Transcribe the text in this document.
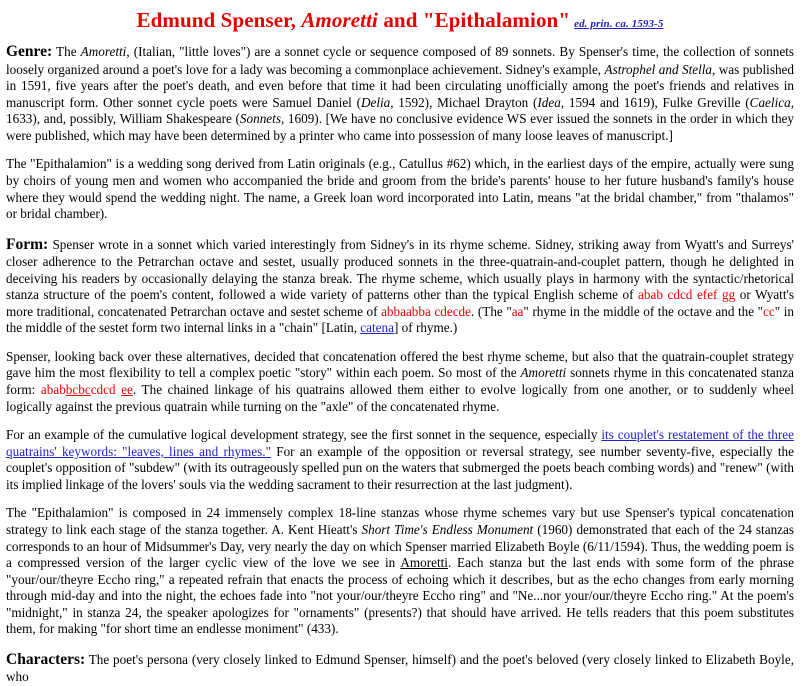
Edmund Spenser, Amoretti and "Epithalamion" ed. prin. ca. 1593-5

Genre: The Amoretti, (Italian, "little loves") are a sonnet cycle or sequence composed of 89 sonnets. By Spenser's time, the collection of sonnets loosely organized around a poet's love for a lady was becoming a commonplace achievement. Sidney's example, Astrophel and Stella, was published in 1591, five years after the poet's death, and even before that time it had been circulating unofficially among the poet's friends and relatives in manuscript form. Other sonnet cycle poets were Samuel Daniel (Delia, 1592), Michael Drayton (Idea, 1594 and 1619), Fulke Greville (Caelica, 1633), and, possibly, William Shakespeare (Sonnets, 1609). [We have no conclusive evidence WS ever issued the sonnets in the order in which they were published, which may have been determined by a printer who came into possession of many loose leaves of manuscript.]

The "Epithalamion" is a wedding song derived from Latin originals (e.g., Catullus #62) which, in the earliest days of the empire, actually were sung by choirs of young men and women who accompanied the bride and groom from the bride's parents' house to her future husband's family's house where they would spend the wedding night. The name, a Greek loan word incorporated into Latin, means "at the bridal chamber," from "thalamos" or bridal chamber).

Form: Spenser wrote in a sonnet which varied interestingly from Sidney's in its rhyme scheme. Sidney, striking away from Wyatt's and Surreys' closer adherence to the Petrarchan octave and sestet, usually produced sonnets in the three-quatrain-and-couplet pattern, though he delighted in deceiving his readers by occasionally delaying the stanza break. The rhyme scheme, which usually plays in harmony with the syntactic/rhetorical stanza structure of the poem's content, followed a wide variety of patterns other than the typical English scheme of abab cdcd efef gg or Wyatt's more traditional, concatenated Petrarchan octave and sestet scheme of abbaabba cdecde. (The "aa" rhyme in the middle of the octave and the "cc" in the middle of the sestet form two internal links in a "chain" [Latin, catena] of rhyme.)

Spenser, looking back over these alternatives, decided that concatenation offered the best rhyme scheme, but also that the quatrain-couplet strategy gave him the most flexibility to tell a complex poetic "story" within each poem. So most of the Amoretti sonnets rhyme in this concatenated stanza form: ababbcbccdcd ee. The chained linkage of his quatrains allowed them either to evolve logically from one another, or to suddenly wheel logically against the previous quatrain while turning on the "axle" of the concatenated rhyme.

For an example of the cumulative logical development strategy, see the first sonnet in the sequence, especially its couplet's restatement of the three quatrains' keywords: "leaves, lines and rhymes." For an example of the opposition or reversal strategy, see number seventy-five, especially the couplet's opposition of "subdew" (with its outrageously spelled pun on the waters that submerged the poets beach combing words) and "renew" (with its implied linkage of the lovers' souls via the wedding sacrament to their resurrection at the last judgment).

The "Epithalamion" is composed in 24 immensely complex 18-line stanzas whose rhyme schemes vary but use Spenser's typical concatenation strategy to link each stage of the stanza together. A. Kent Hieatt's Short Time's Endless Monument (1960) demonstrated that each of the 24 stanzas corresponds to an hour of Midsummer's Day, very nearly the day on which Spenser married Elizabeth Boyle (6/11/1594). Thus, the wedding poem is a compressed version of the larger cyclic view of the love we see in Amoretti. Each stanza but the last ends with some form of the phrase "your/our/theyre Eccho ring," a repeated refrain that enacts the process of echoing which it describes, but as the echo changes from early morning through mid-day and into the night, the echoes fade into "not your/our/theyre Eccho ring" and "Ne...nor your/our/theyre Eccho ring." At the poem's "midnight," in stanza 24, the speaker apologizes for "ornaments" (presents?) that should have arrived. He tells readers that this poem substitutes them, for making "for short time an endlesse moniment" (433).

Characters: The poet's persona (very closely linked to Edmund Spenser, himself) and the poet's beloved (very closely linked to Elizabeth Boyle, who
